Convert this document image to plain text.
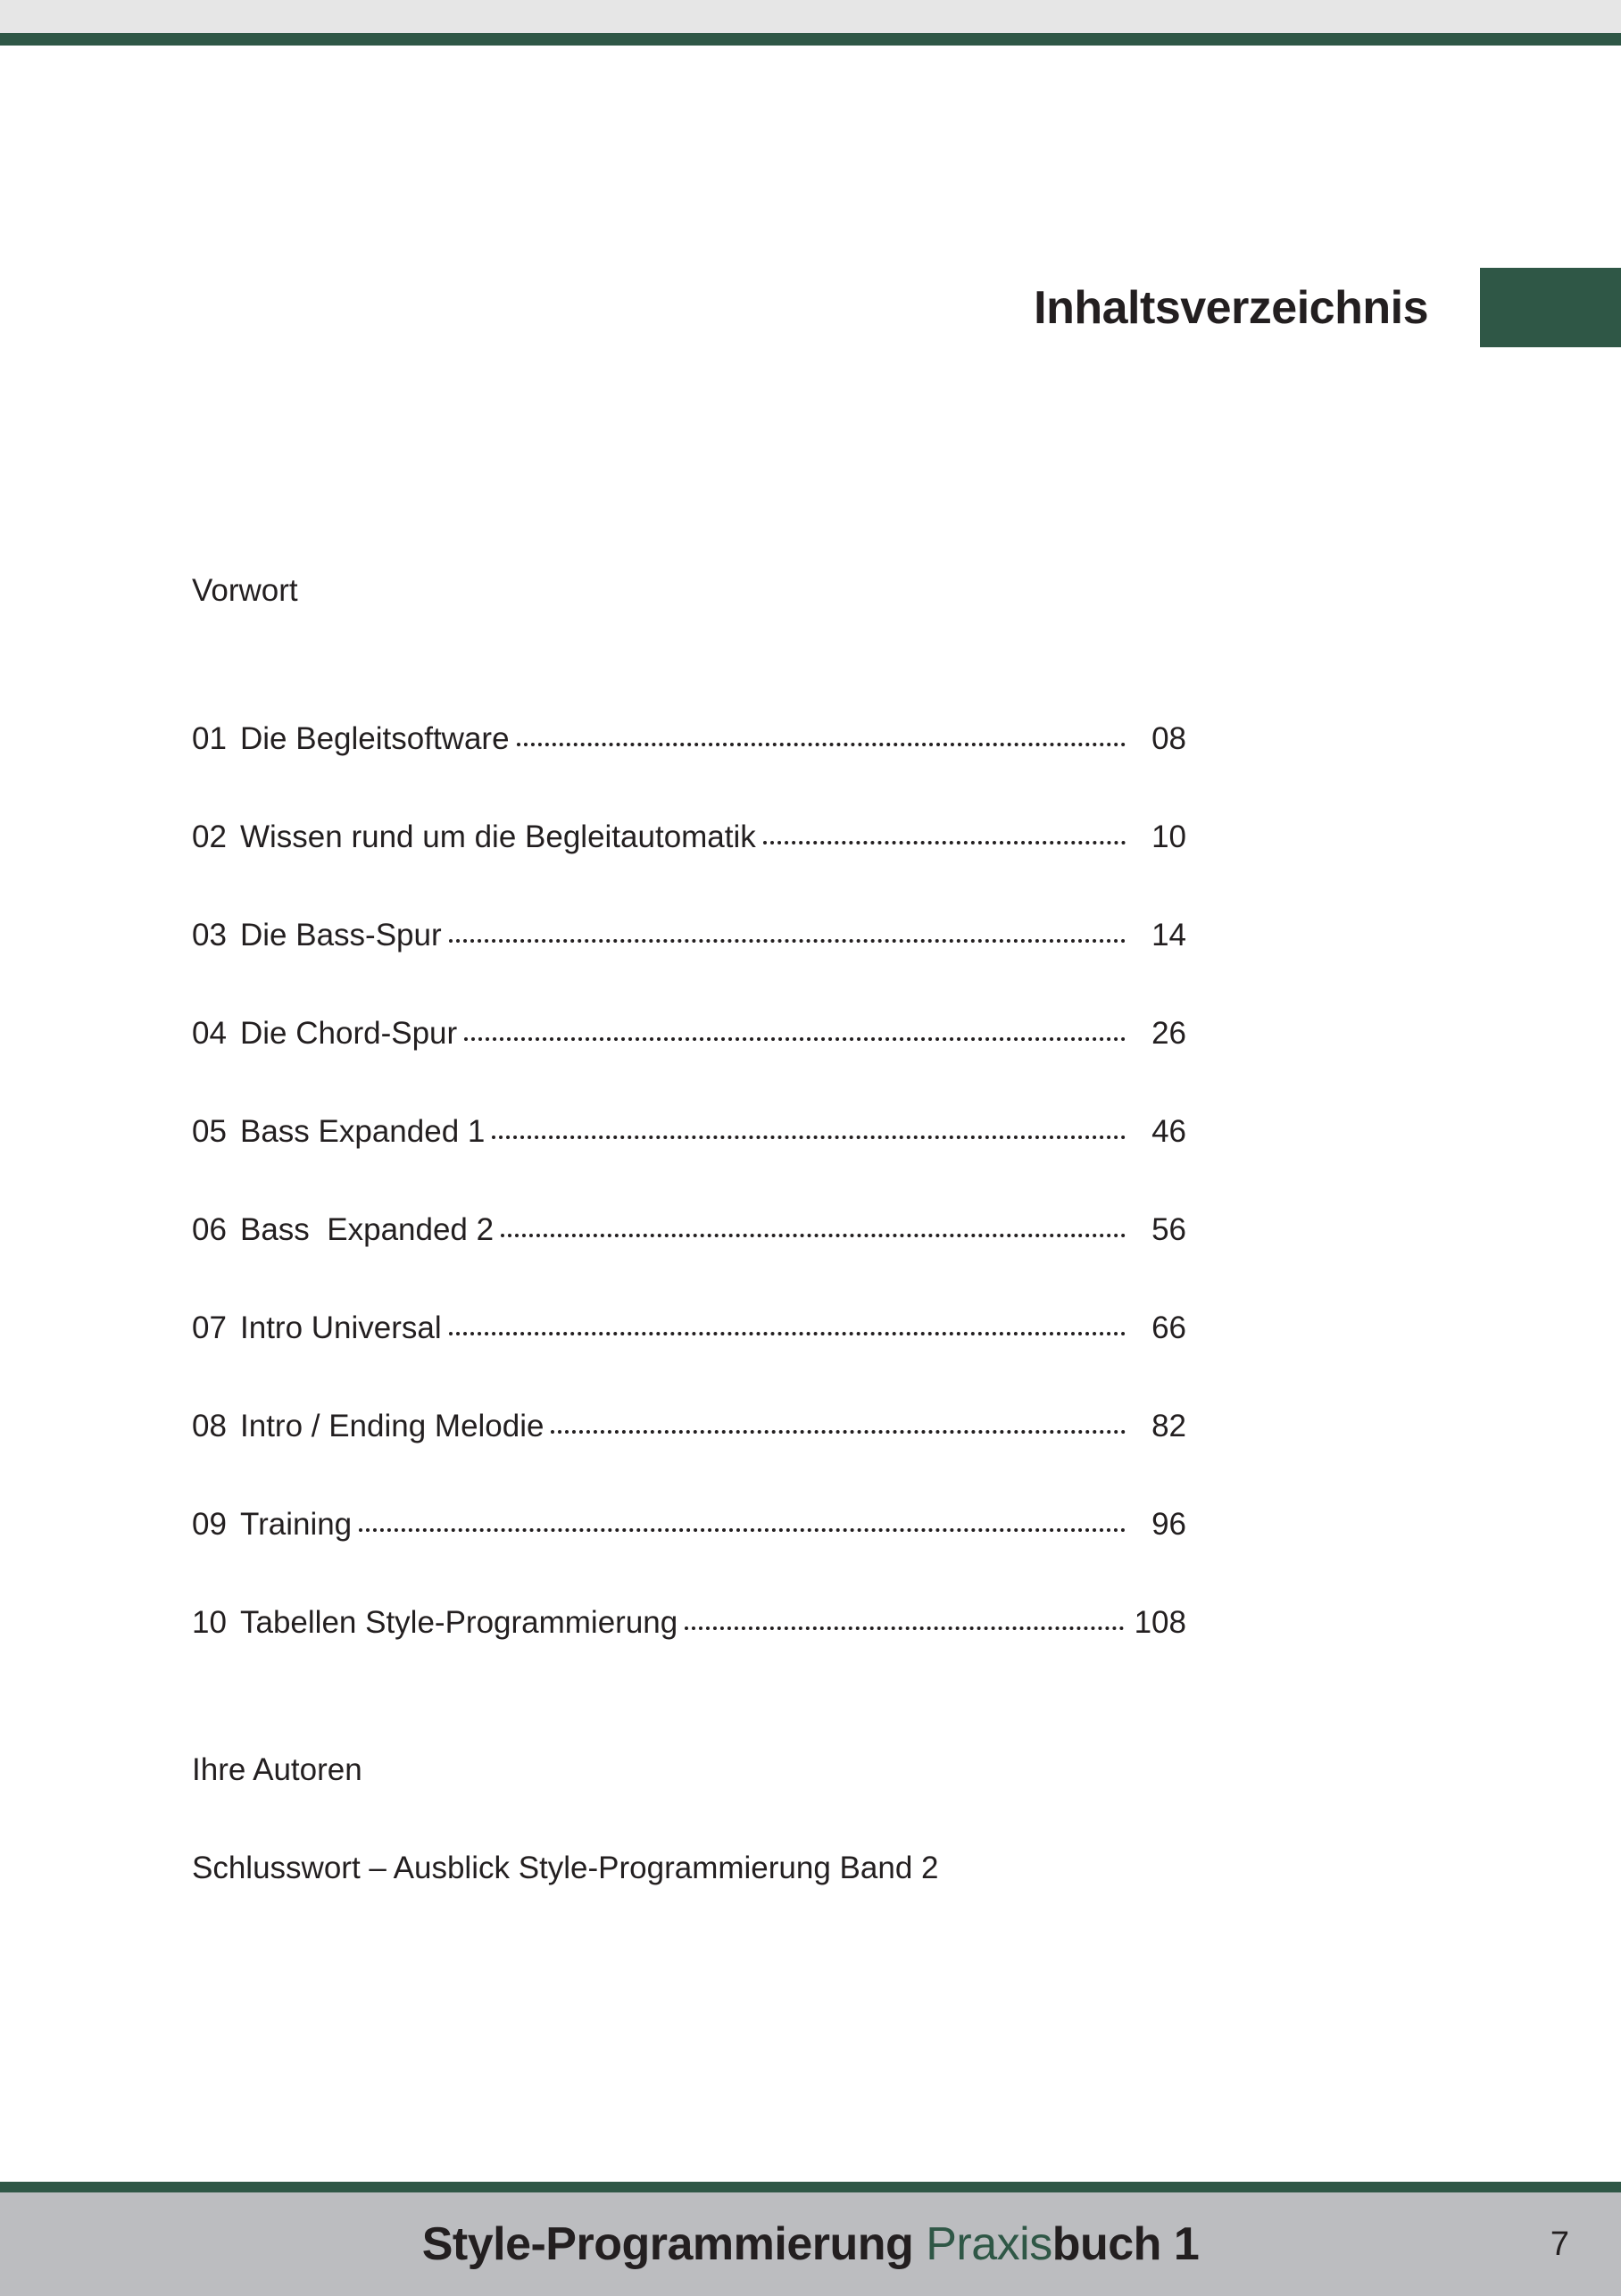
Inhaltsverzeichnis
Vorwort
01 Die Begleitsoftware	08
02 Wissen rund um die Begleitautomatik	10
03 Die Bass-Spur	14
04 Die Chord-Spur	26
05 Bass Expanded 1	46
06 Bass  Expanded 2	56
07 Intro Universal	66
08 Intro / Ending Melodie	82
09 Training	96
10 Tabellen Style-Programmierung	108
Ihre Autoren
Schlusswort – Ausblick Style-Programmierung Band 2
Style-Programmierung Praxisbuch 1	7
